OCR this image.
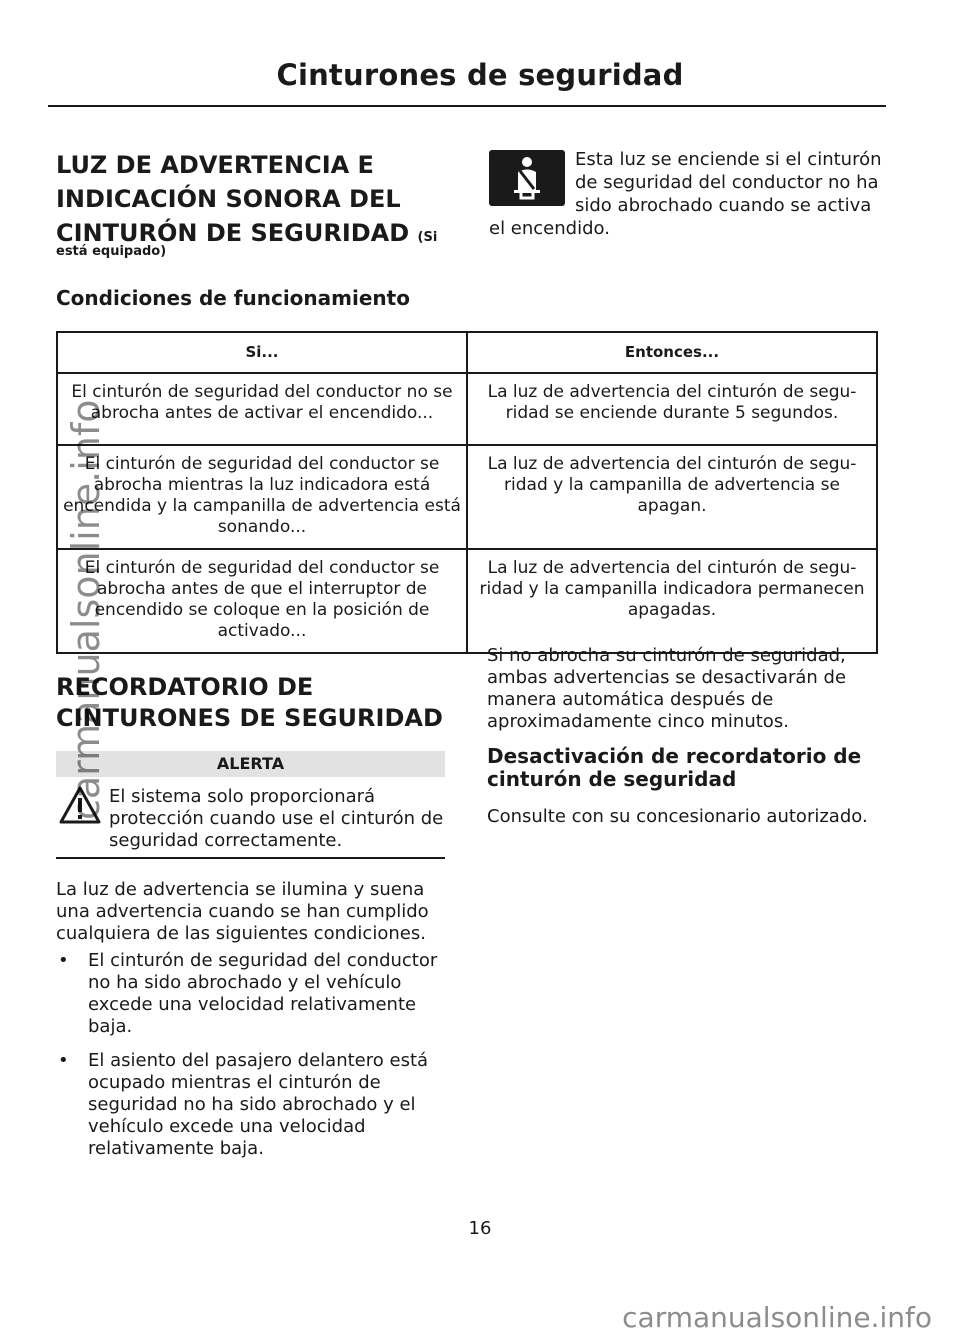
Cinturones de seguridad
LUZ DE ADVERTENCIA E
INDICACIÓN SONORA DEL
CINTURÓN DE SEGURIDAD (Si
está equipado)
Esta luz se enciende si el cinturón de seguridad del conductor no ha sido abrochado cuando se activa el encendido.
Condiciones de funcionamiento
Si...	Entonces...
El cinturón de seguridad del conductor no se abrocha antes de activar el encendido...	La luz de advertencia del cinturón de seguridad se enciende durante 5 segundos.
El cinturón de seguridad del conductor se abrocha mientras la luz indicadora está encendida y la campanilla de advertencia está sonando...	La luz de advertencia del cinturón de seguridad y la campanilla de advertencia se apagan.
El cinturón de seguridad del conductor se abrocha antes de que el interruptor de encendido se coloque en la posición de activado...	La luz de advertencia del cinturón de seguridad y la campanilla indicadora permanecen apagadas.
RECORDATORIO DE
CINTURONES DE SEGURIDAD
ALERTA
El sistema solo proporcionará protección cuando use el cinturón de seguridad correctamente.
La luz de advertencia se ilumina y suena una advertencia cuando se han cumplido cualquiera de las siguientes condiciones.
• El cinturón de seguridad del conductor no ha sido abrochado y el vehículo excede una velocidad relativamente baja.
• El asiento del pasajero delantero está ocupado mientras el cinturón de seguridad no ha sido abrochado y el vehículo excede una velocidad relativamente baja.
Si no abrocha su cinturón de seguridad, ambas advertencias se desactivarán de manera automática después de aproximadamente cinco minutos.
Desactivación de recordatorio de cinturón de seguridad
Consulte con su concesionario autorizado.
16
carmanualsonline.info
carmanualsonline.info
